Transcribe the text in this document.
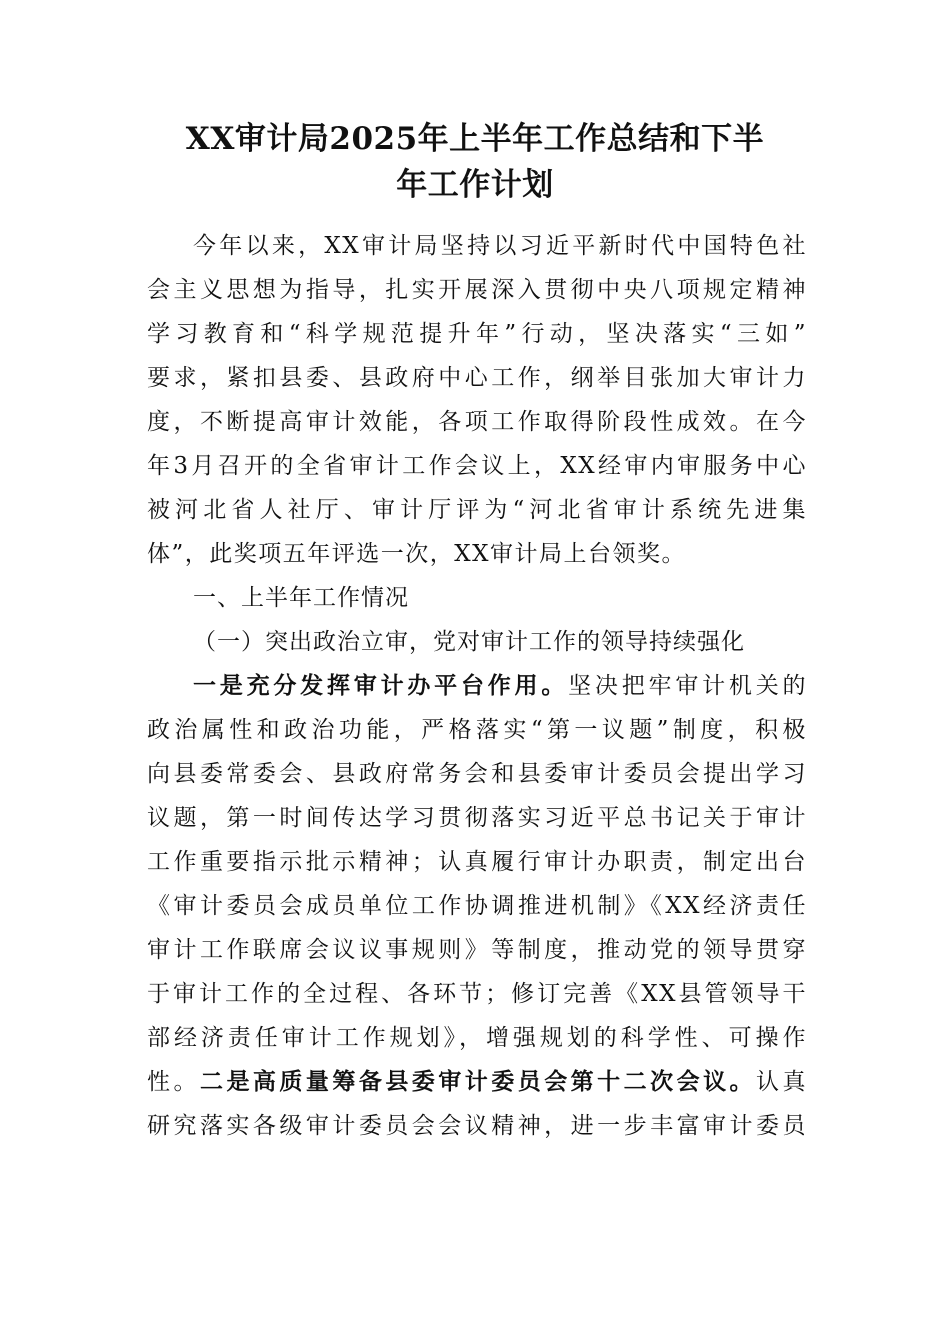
XX审计局2025年上半年工作总结和下半
年工作计划
今年以来，XX审计局坚持以习近平新时代中国特色社
会主义思想为指导，扎实开展深入贯彻中央八项规定精神
学习教育和“科学规范提升年”行动，坚决落实“三如”
要求，紧扣县委、县政府中心工作，纲举目张加大审计力
度，不断提高审计效能，各项工作取得阶段性成效。在今
年3月召开的全省审计工作会议上，XX经审内审服务中心
被河北省人社厅、审计厅评为“河北省审计系统先进集
体”，此奖项五年评选一次，XX审计局上台领奖。
一、上半年工作情况
（一）突出政治立审，党对审计工作的领导持续强化
一是充分发挥审计办平台作用。坚决把牢审计机关的
政治属性和政治功能，严格落实“第一议题”制度，积极
向县委常委会、县政府常务会和县委审计委员会提出学习
议题，第一时间传达学习贯彻落实习近平总书记关于审计
工作重要指示批示精神；认真履行审计办职责，制定出台
《审计委员会成员单位工作协调推进机制》《XX经济责任
审计工作联席会议议事规则》等制度，推动党的领导贯穿
于审计工作的全过程、各环节；修订完善《XX县管领导干
部经济责任审计工作规划》，增强规划的科学性、可操作
性。二是高质量筹备县委审计委员会第十二次会议。认真
研究落实各级审计委员会会议精神，进一步丰富审计委员
